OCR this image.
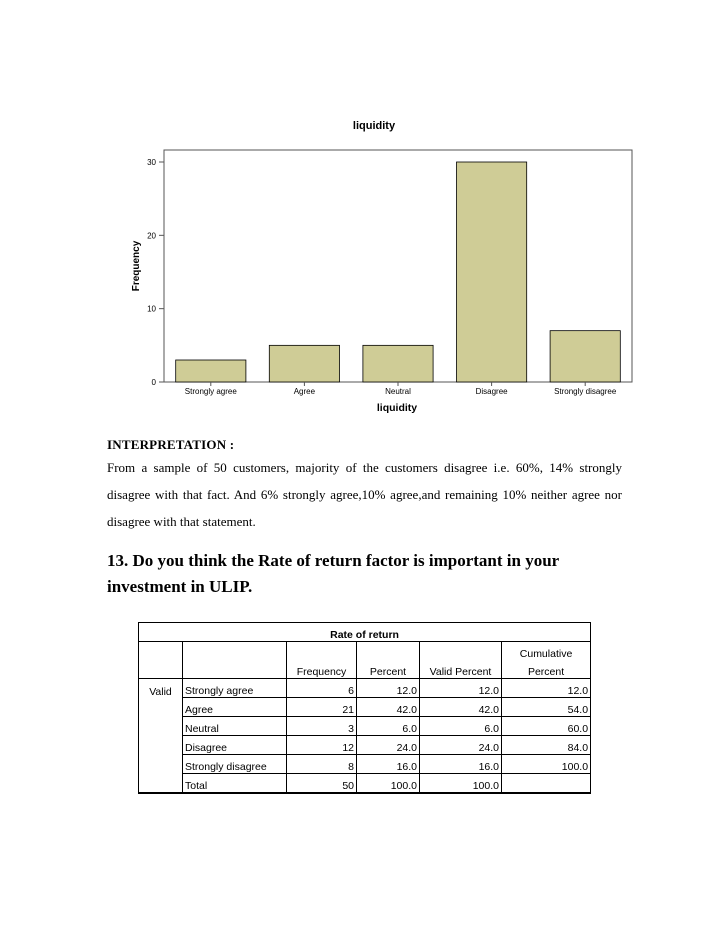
liquidity
0
10
20
30
Strongly agree	Agree	Neutral	Disagree	Strongly disagree
Frequency
liquidity
INTERPRETATION :
From a sample of 50 customers, majority of the customers disagree i.e. 60%, 14% strongly disagree with that fact. And 6% strongly agree,10% agree,and remaining 10% neither agree nor disagree with that statement.
13. Do you think the Rate of return factor is important in your investment in ULIP.
Rate of return					
					Cumulative
		Frequency	Percent	Valid Percent	Percent
Valid	Strongly agree	6	12.0	12.0	12.0
	Agree	21	42.0	42.0	54.0
	Neutral	3	6.0	6.0	60.0
	Disagree	12	24.0	24.0	84.0
	Strongly disagree	8	16.0	16.0	100.0
	Total	50	100.0	100.0	
